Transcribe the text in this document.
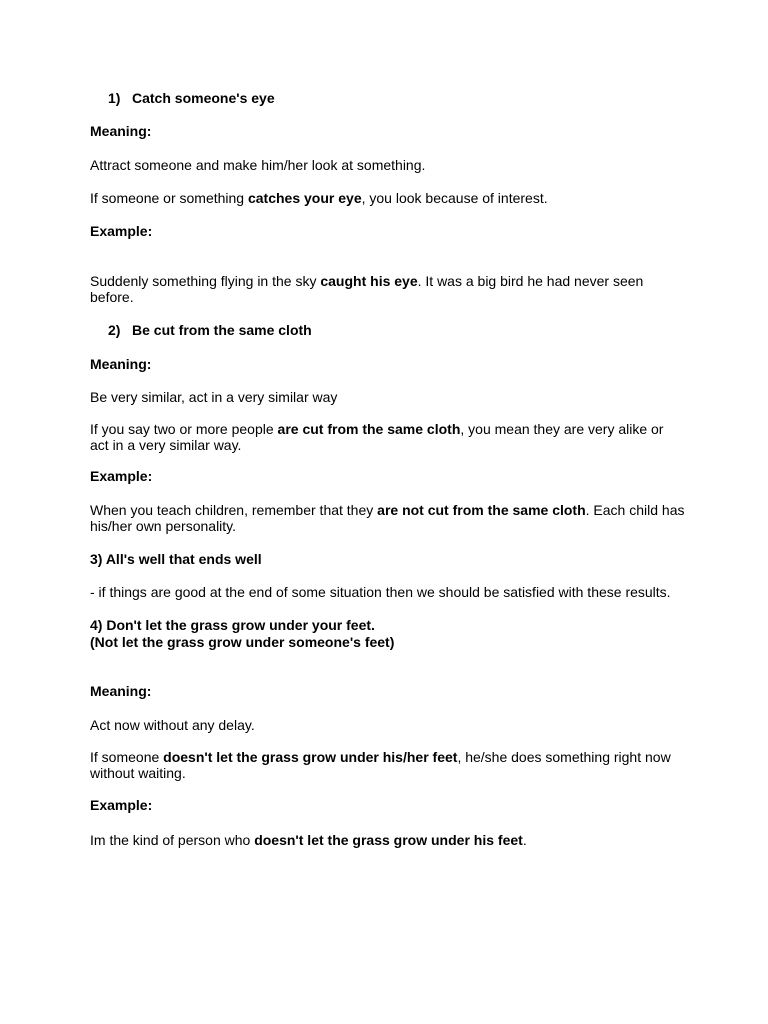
1) Catch someone's eye

Meaning:

Attract someone and make him/her look at something.

If someone or something catches your eye, you look because of interest.

Example:

Suddenly something flying in the sky caught his eye. It was a big bird he had never seen before.

2) Be cut from the same cloth

Meaning:

Be very similar, act in a very similar way

If you say two or more people are cut from the same cloth, you mean they are very alike or act in a very similar way.

Example:

When you teach children, remember that they are not cut from the same cloth. Each child has his/her own personality.

3) All's well that ends well

- if things are good at the end of some situation then we should be satisfied with these results.

4) Don't let the grass grow under your feet.

(Not let the grass grow under someone's feet)

Meaning:

Act now without any delay.

If someone doesn't let the grass grow under his/her feet, he/she does something right now without waiting.

Example:

Im the kind of person who doesn't let the grass grow under his feet.
